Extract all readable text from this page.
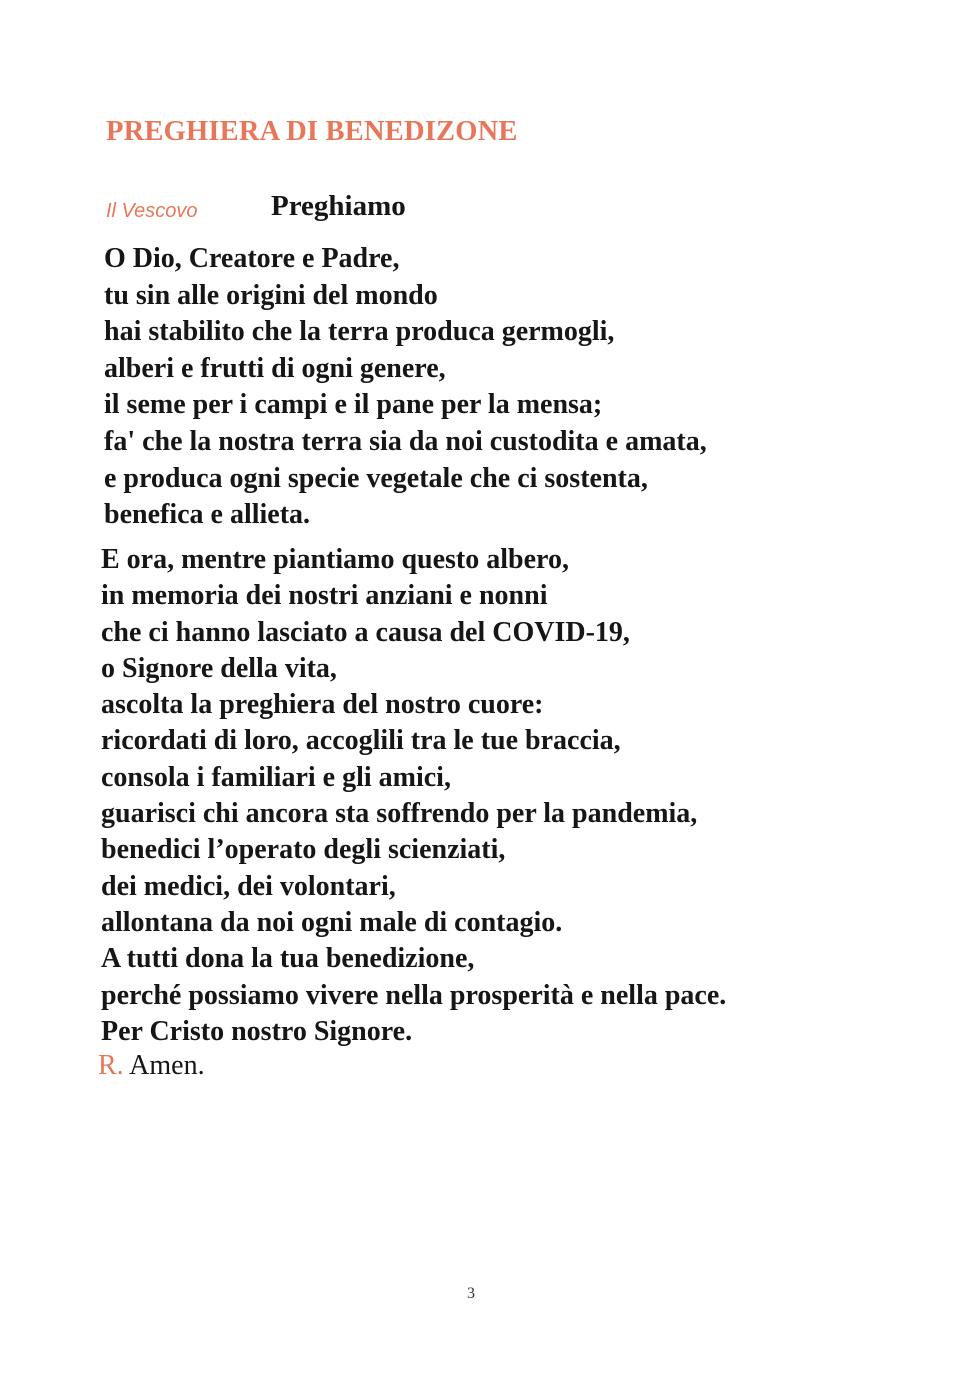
PREGHIERA DI BENEDIZONE
Il Vescovo	Preghiamo
O Dio, Creatore e Padre,
tu sin alle origini del mondo
hai stabilito che la terra produca germogli,
alberi e frutti di ogni genere,
il seme per i campi e il pane per la mensa;
fa' che la nostra terra sia da noi custodita e amata,
e produca ogni specie vegetale che ci sostenta,
benefica e allieta.
E ora, mentre piantiamo questo albero,
in memoria dei nostri anziani e nonni
che ci hanno lasciato a causa del COVID-19,
o Signore della vita,
ascolta la preghiera del nostro cuore:
ricordati di loro, accoglili tra le tue braccia,
consola i familiari e gli amici,
guarisci chi ancora sta soffrendo per la pandemia,
benedici l’operato degli scienziati,
dei medici, dei volontari,
allontana da noi ogni male di contagio.
A tutti dona la tua benedizione,
perché possiamo vivere nella prosperità e nella pace.
Per Cristo nostro Signore.
R. Amen.
3
